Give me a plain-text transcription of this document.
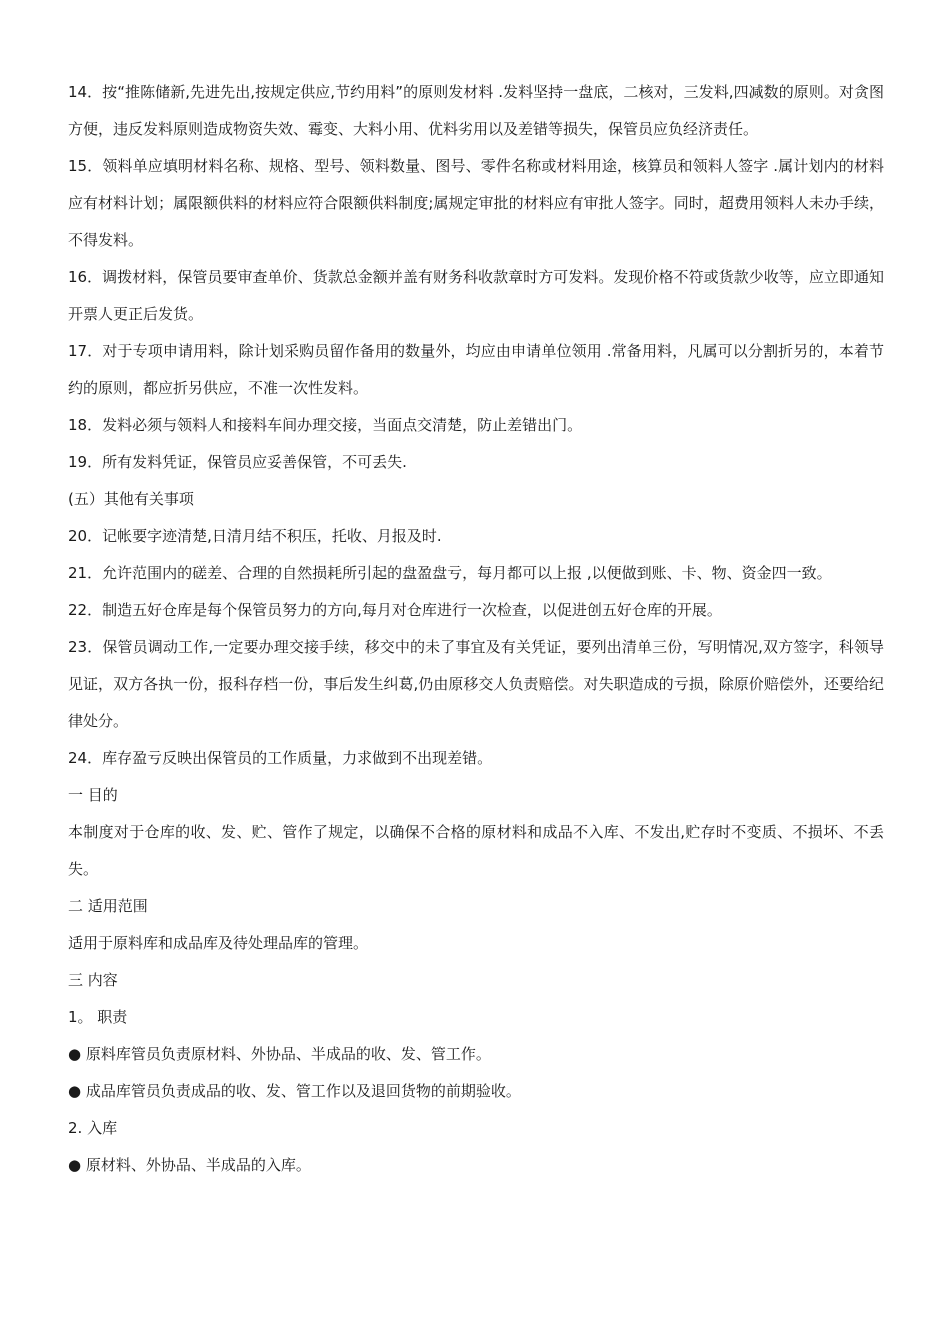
14．按“推陈储新,先进先出,按规定供应,节约用料”的原则发材料 .发料坚持一盘底，二核对，三发料,四减数的原则。对贪图方便，违反发料原则造成物资失效、霉变、大料小用、优料劣用以及差错等损失，保管员应负经济责任。

15．领料单应填明材料名称、规格、型号、领料数量、图号、零件名称或材料用途，核算员和领料人签字 .属计划内的材料应有材料计划；属限额供料的材料应符合限额供料制度;属规定审批的材料应有审批人签字。同时，超费用领料人未办手续，不得发料。

16．调拨材料，保管员要审查单价、货款总金额并盖有财务科收款章时方可发料。发现价格不符或货款少收等，应立即通知开票人更正后发货。

17．对于专项申请用料，除计划采购员留作备用的数量外，均应由申请单位领用 .常备用料，凡属可以分割折另的，本着节约的原则，都应折另供应，不准一次性发料。

18．发料必须与领料人和接料车间办理交接，当面点交清楚，防止差错出门。

19．所有发料凭证，保管员应妥善保管，不可丢失.

(五）其他有关事项

20．记帐要字迹清楚,日清月结不积压，托收、月报及时.

21．允许范围内的磋差、合理的自然损耗所引起的盘盈盘亏，每月都可以上报 ,以便做到账、卡、物、资金四一致。

22．制造五好仓库是每个保管员努力的方向,每月对仓库进行一次检查，以促进创五好仓库的开展。

23．保管员调动工作,一定要办理交接手续，移交中的未了事宜及有关凭证，要列出清单三份，写明情况,双方签字，科领导见证，双方各执一份，报科存档一份，事后发生纠葛,仍由原移交人负责赔偿。对失职造成的亏损，除原价赔偿外，还要给纪律处分。

24．库存盈亏反映出保管员的工作质量，力求做到不出现差错。

一 目的

本制度对于仓库的收、发、贮、管作了规定，以确保不合格的原材料和成品不入库、不发出,贮存时不变质、不损坏、不丢失。

二 适用范围

适用于原料库和成品库及待处理品库的管理。

三 内容

1。 职责

● 原料库管员负责原材料、外协品、半成品的收、发、管工作。

● 成品库管员负责成品的收、发、管工作以及退回货物的前期验收。

2. 入库

● 原材料、外协品、半成品的入库。
